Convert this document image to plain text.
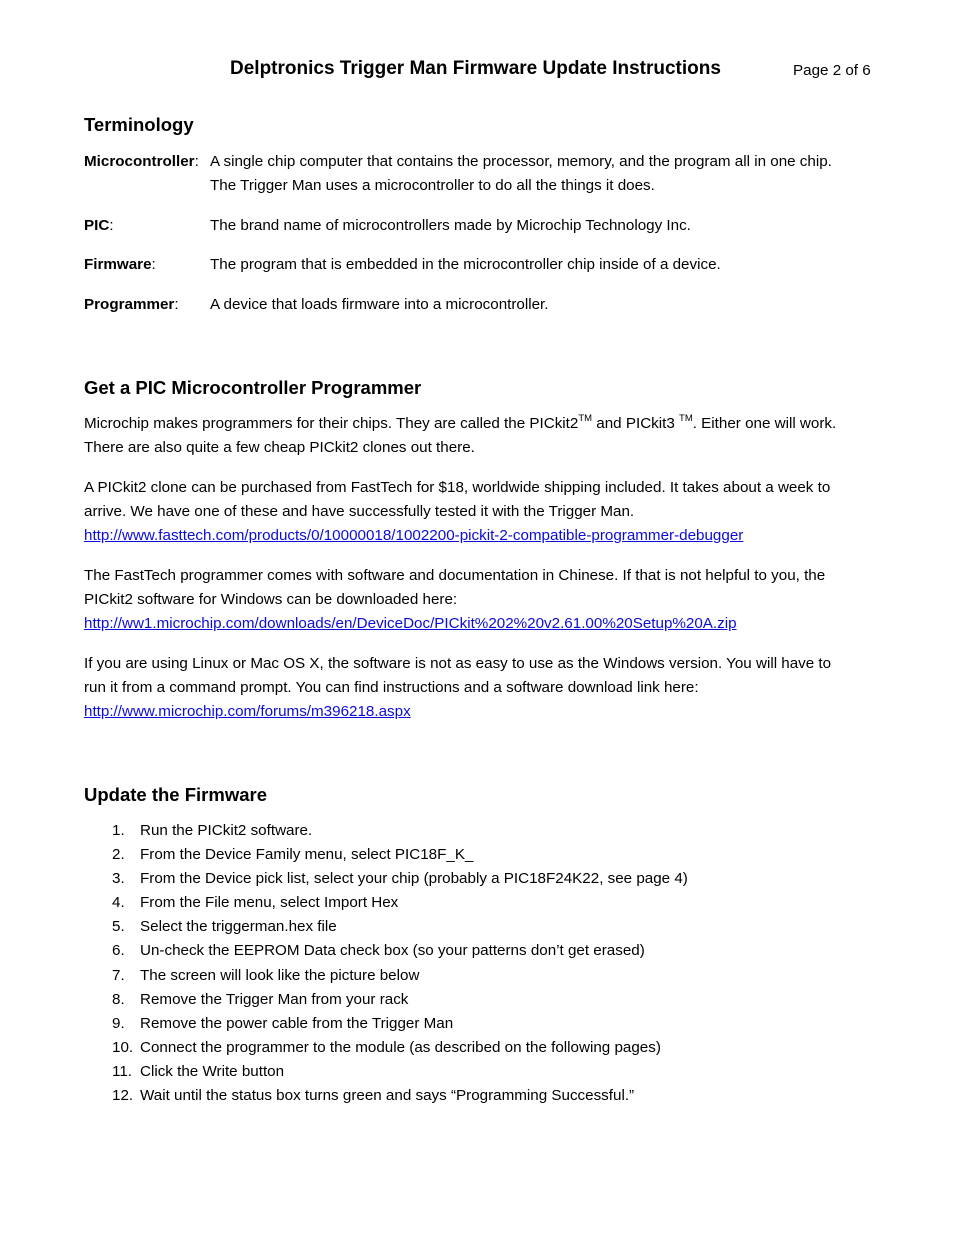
Delptronics Trigger Man Firmware Update Instructions	Page 2 of 6
Terminology
Microcontroller: A single chip computer that contains the processor, memory, and the program all in one chip.
The Trigger Man uses a microcontroller to do all the things it does.
PIC:	The brand name of microcontrollers made by Microchip Technology Inc.
Firmware:	The program that is embedded in the microcontroller chip inside of a device.
Programmer: A device that loads firmware into a microcontroller.
Get a PIC Microcontroller Programmer

Microchip makes programmers for their chips. They are called the PICkit2™ and PICkit3 ™. Either one will work.

There are also quite a few cheap PICkit2 clones out there.

A PICkit2 clone can be purchased from FastTech for $18, worldwide shipping included. It takes about a week to

arrive. We have one of these and have successfully tested it with the Trigger Man.

http://www.fasttech.com/products/0/10000018/1002200-pickit-2-compatible-programmer-debugger

The FastTech programmer comes with software and documentation in Chinese. If that is not helpful to you, the

PICkit2 software for Windows can be downloaded here:

http://ww1.microchip.com/downloads/en/DeviceDoc/PICkit%202%20v2.61.00%20Setup%20A.zip

If you are using Linux or Mac OS X, the software is not as easy to use as the Windows version. You will have to

run it from a command prompt. You can find instructions and a software download link here:

http://www.microchip.com/forums/m396218.aspx

Update the Firmware
1.	Run the PICkit2 software.
2.	From the Device Family menu, select PIC18F_K_
3.	From the Device pick list, select your chip (probably a PIC18F24K22, see page 4)
4.	From the File menu, select Import Hex
5.	Select the triggerman.hex file
6.	Un-check the EEPROM Data check box (so your patterns don’t get erased)
7.	The screen will look like the picture below
8.	Remove the Trigger Man from your rack
9.	Remove the power cable from the Trigger Man
10. Connect the programmer to the module (as described on the following pages)
11. Click the Write button
12. Wait until the status box turns green and says “Programming Successful.”
